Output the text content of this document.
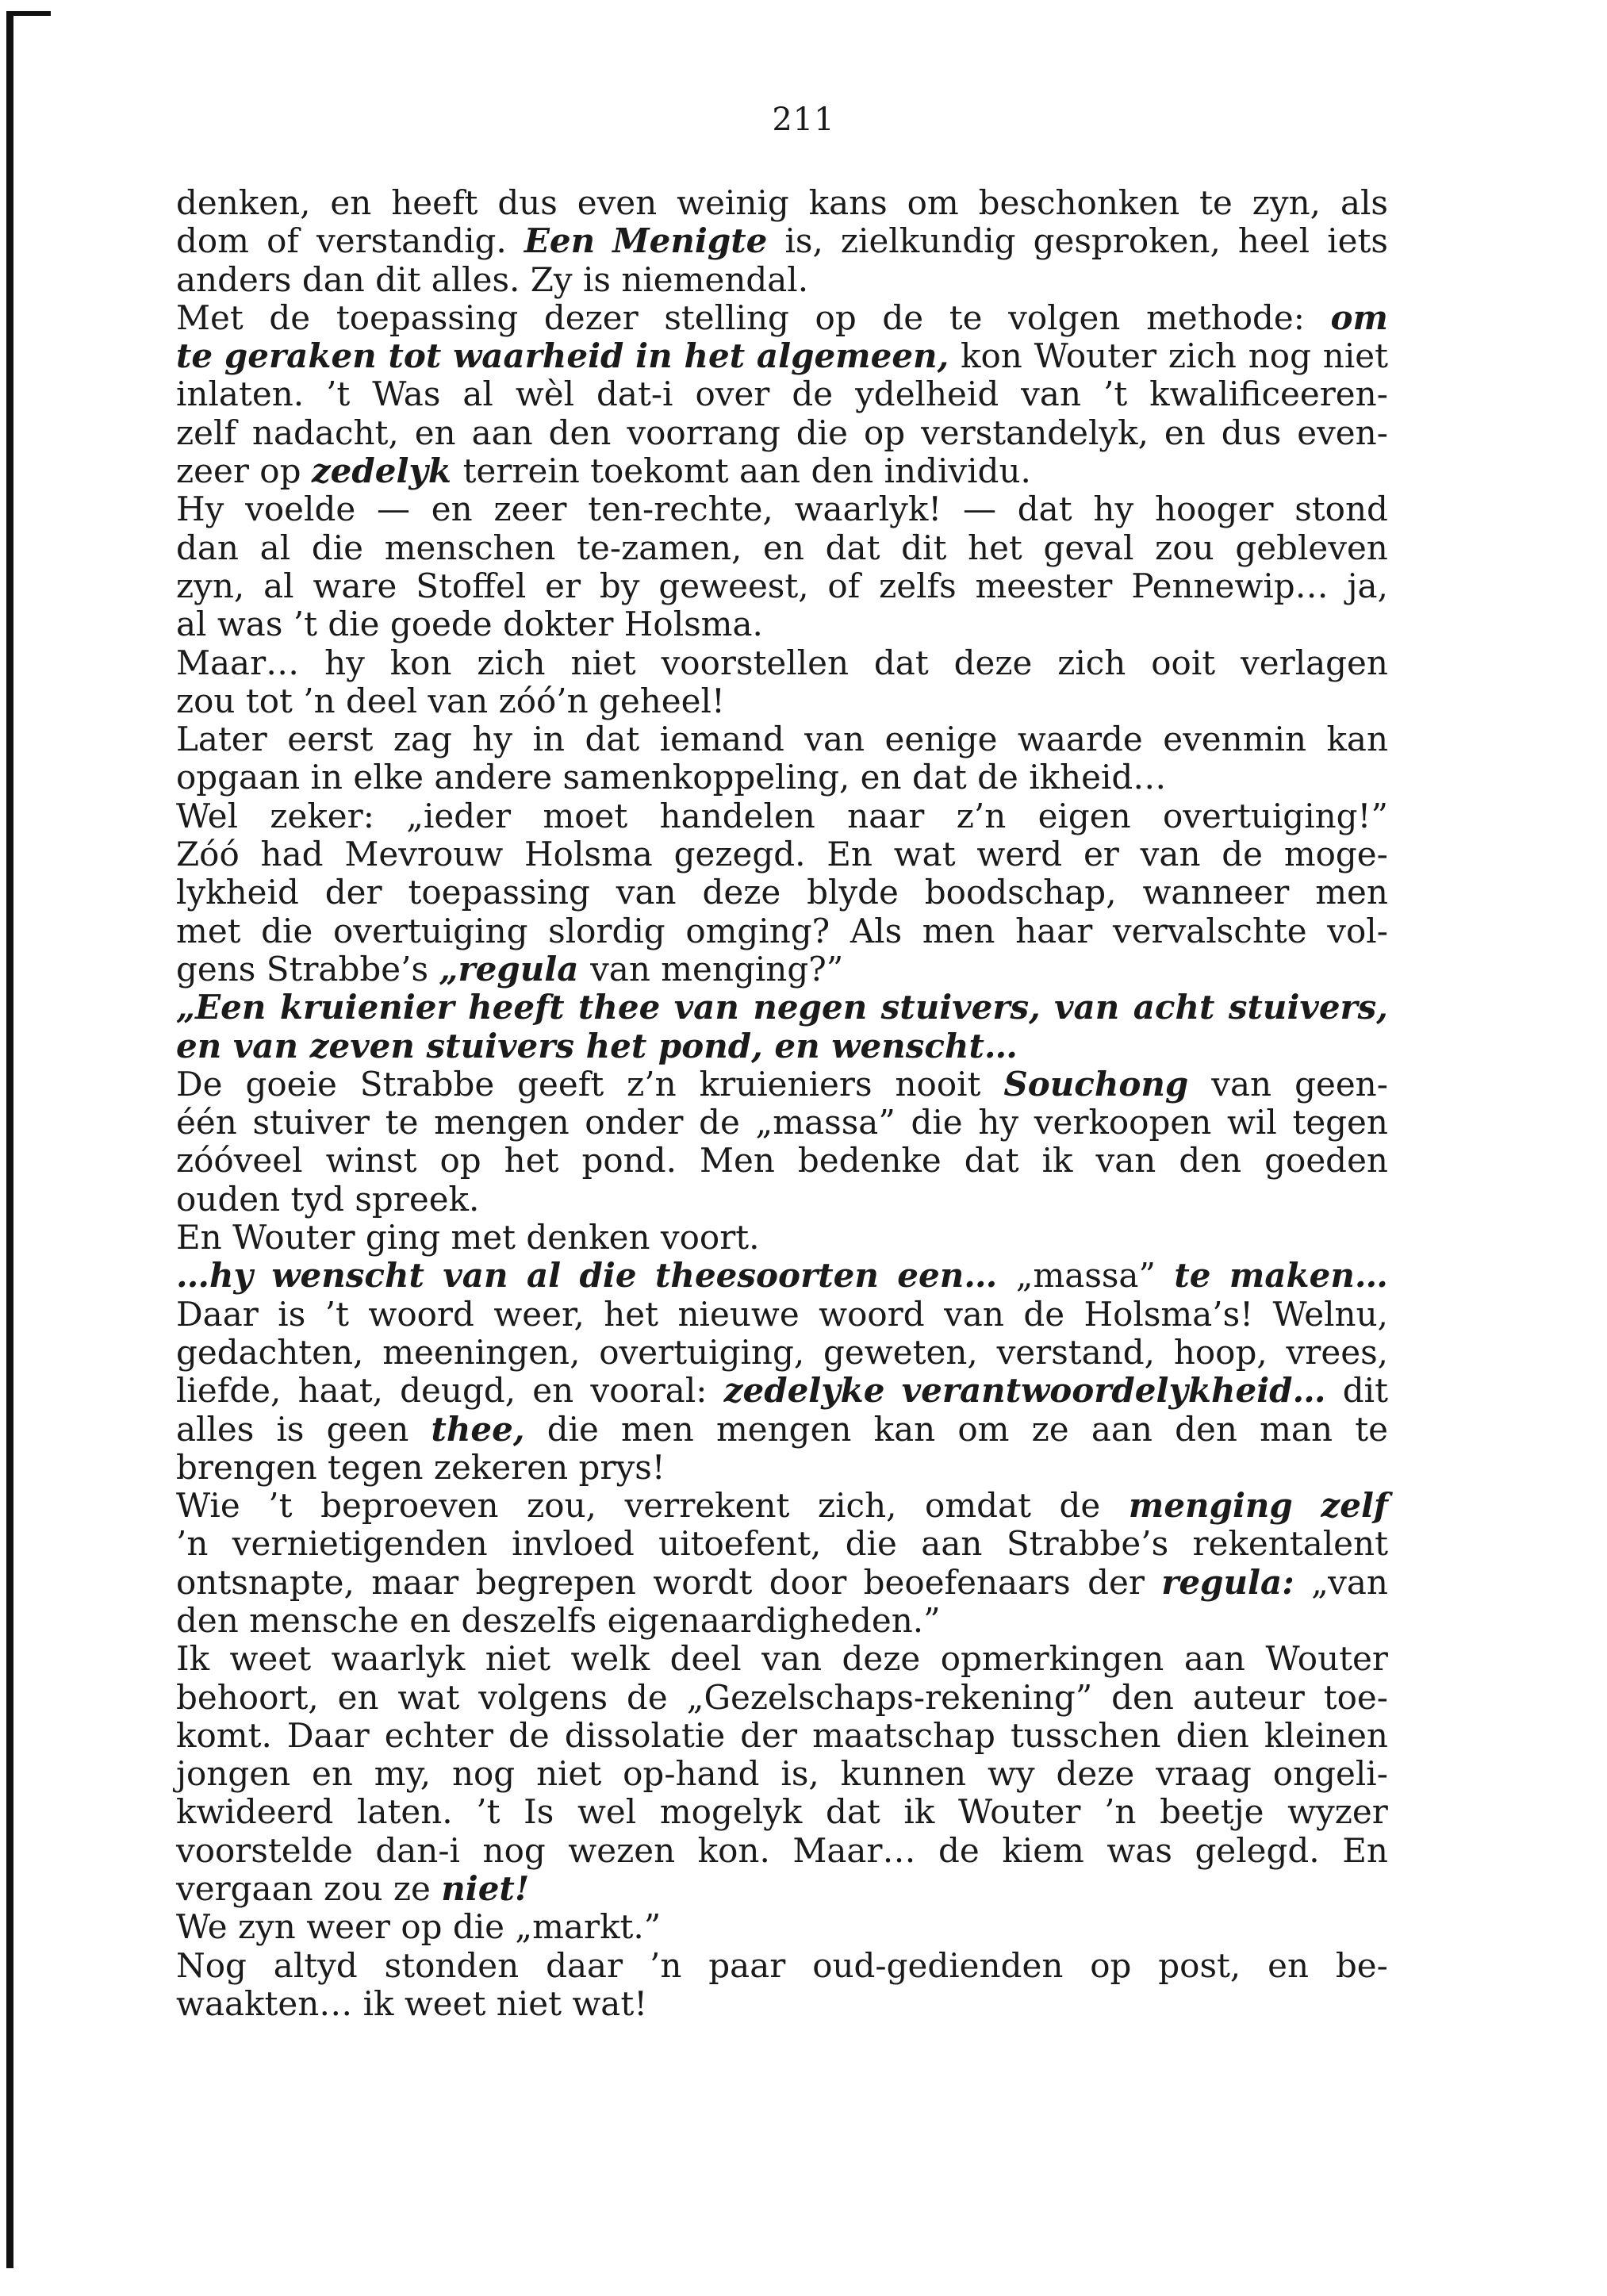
211
denken, en heeft dus even weinig kans om beschonken te zyn, als
dom of verstandig. Een Menigte is, zielkundig gesproken, heel iets
anders dan dit alles. Zy is niemendal.
Met de toepassing dezer stelling op de te volgen methode: om
te geraken tot waarheid in het algemeen, kon Wouter zich nog niet
inlaten. ’t Was al wèl dat-i over de ydelheid van ’t kwalificeeren-
zelf nadacht, en aan den voorrang die op verstandelyk, en dus even-
zeer op zedelyk terrein toekomt aan den individu.
Hy voelde — en zeer ten-rechte, waarlyk! — dat hy hooger stond
dan al die menschen te-zamen, en dat dit het geval zou gebleven
zyn, al ware Stoffel er by geweest, of zelfs meester Pennewip… ja,
al was ’t die goede dokter Holsma.
Maar… hy kon zich niet voorstellen dat deze zich ooit verlagen
zou tot ’n deel van zóó’n geheel!
Later eerst zag hy in dat iemand van eenige waarde evenmin kan
opgaan in elke andere samenkoppeling, en dat de ikheid…
Wel zeker: „ieder moet handelen naar z’n eigen overtuiging!”
Zóó had Mevrouw Holsma gezegd. En wat werd er van de moge-
lykheid der toepassing van deze blyde boodschap, wanneer men
met die overtuiging slordig omging? Als men haar vervalschte vol-
gens Strabbe’s „regula van menging?”
„Een kruienier heeft thee van negen stuivers, van acht stuivers,
en van zeven stuivers het pond, en wenscht…
De goeie Strabbe geeft z’n kruieniers nooit Souchong van geen-
één stuiver te mengen onder de „massa” die hy verkoopen wil tegen
zóóveel winst op het pond. Men bedenke dat ik van den goeden
ouden tyd spreek.
En Wouter ging met denken voort.
…hy wenscht van al die theesoorten een… „massa” te maken…
Daar is ’t woord weer, het nieuwe woord van de Holsma’s! Welnu,
gedachten, meeningen, overtuiging, geweten, verstand, hoop, vrees,
liefde, haat, deugd, en vooral: zedelyke verantwoordelykheid… dit
alles is geen thee, die men mengen kan om ze aan den man te
brengen tegen zekeren prys!
Wie ’t beproeven zou, verrekent zich, omdat de menging zelf
’n vernietigenden invloed uitoefent, die aan Strabbe’s rekentalent
ontsnapte, maar begrepen wordt door beoefenaars der regula: „van
den mensche en deszelfs eigenaardigheden.”
Ik weet waarlyk niet welk deel van deze opmerkingen aan Wouter
behoort, en wat volgens de „Gezelschaps-rekening” den auteur toe-
komt. Daar echter de dissolatie der maatschap tusschen dien kleinen
jongen en my, nog niet op-hand is, kunnen wy deze vraag ongeli-
kwideerd laten. ’t Is wel mogelyk dat ik Wouter ’n beetje wyzer
voorstelde dan-i nog wezen kon. Maar… de kiem was gelegd. En
vergaan zou ze niet!
We zyn weer op die „markt.”
Nog altyd stonden daar ’n paar oud-gedienden op post, en be-
waakten… ik weet niet wat!
